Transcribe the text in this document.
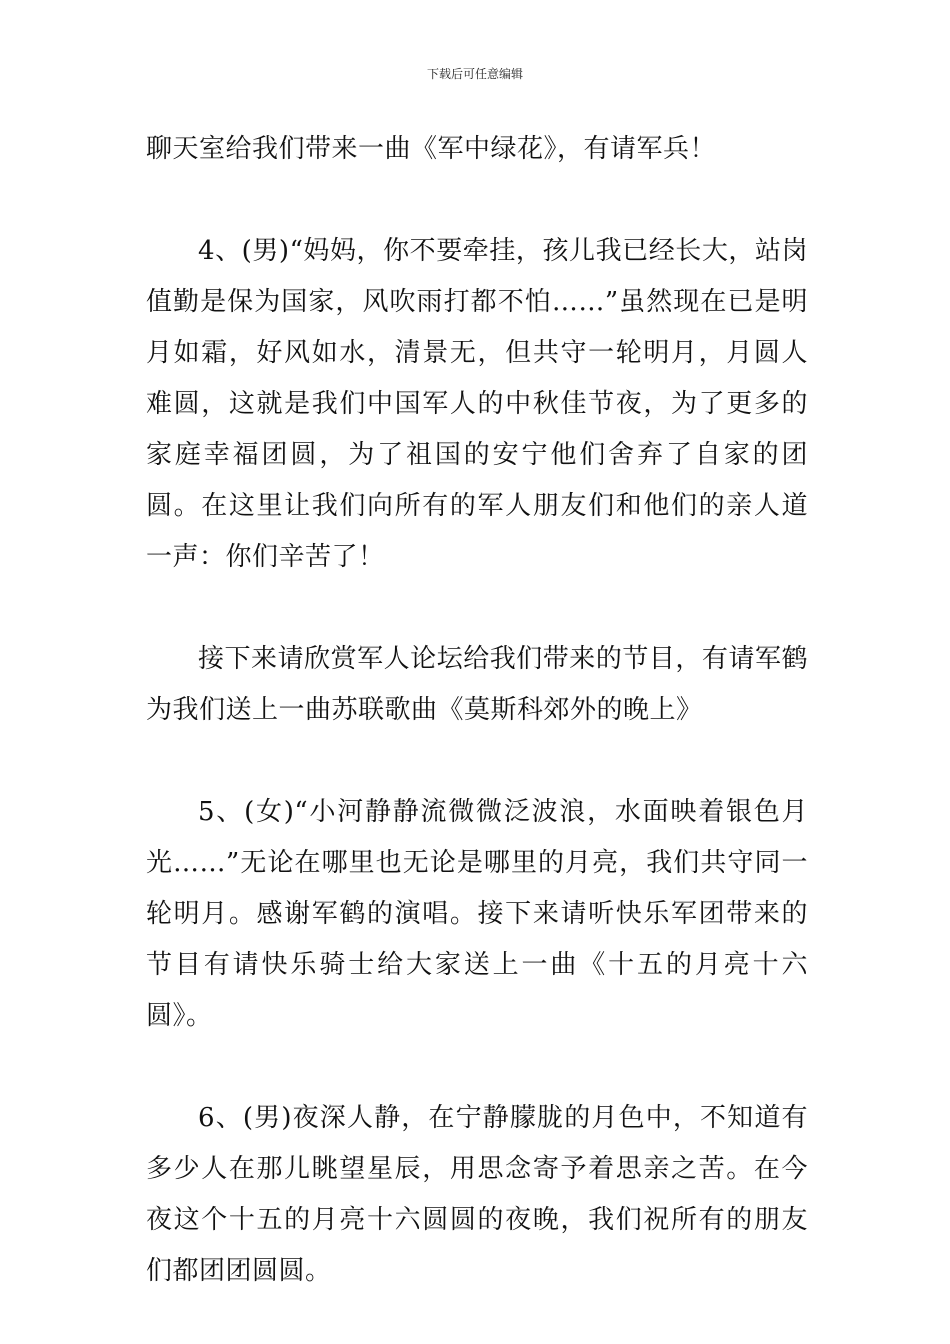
下载后可任意编辑

聊天室给我们带来一曲《军中绿花》，有请军兵！

4、(男)“妈妈，你不要牵挂，孩儿我已经长大，站岗值勤是保为国家，风吹雨打都不怕……”虽然现在已是明月如霜，好风如水，清景无，但共守一轮明月，月圆人难圆，这就是我们中国军人的中秋佳节夜，为了更多的家庭幸福团圆，为了祖国的安宁他们舍弃了自家的团圆。在这里让我们向所有的军人朋友们和他们的亲人道一声：你们辛苦了！

接下来请欣赏军人论坛给我们带来的节目，有请军鹤为我们送上一曲苏联歌曲《莫斯科郊外的晚上》

5、(女)“小河静静流微微泛波浪，水面映着银色月光……”无论在哪里也无论是哪里的月亮，我们共守同一轮明月。感谢军鹤的演唱。接下来请听快乐军团带来的节目有请快乐骑士给大家送上一曲《十五的月亮十六圆》。

6、(男)夜深人静，在宁静朦胧的月色中，不知道有多少人在那儿眺望星辰，用思念寄予着思亲之苦。在今夜这个十五的月亮十六圆圆的夜晚，我们祝所有的朋友们都团团圆圆。
